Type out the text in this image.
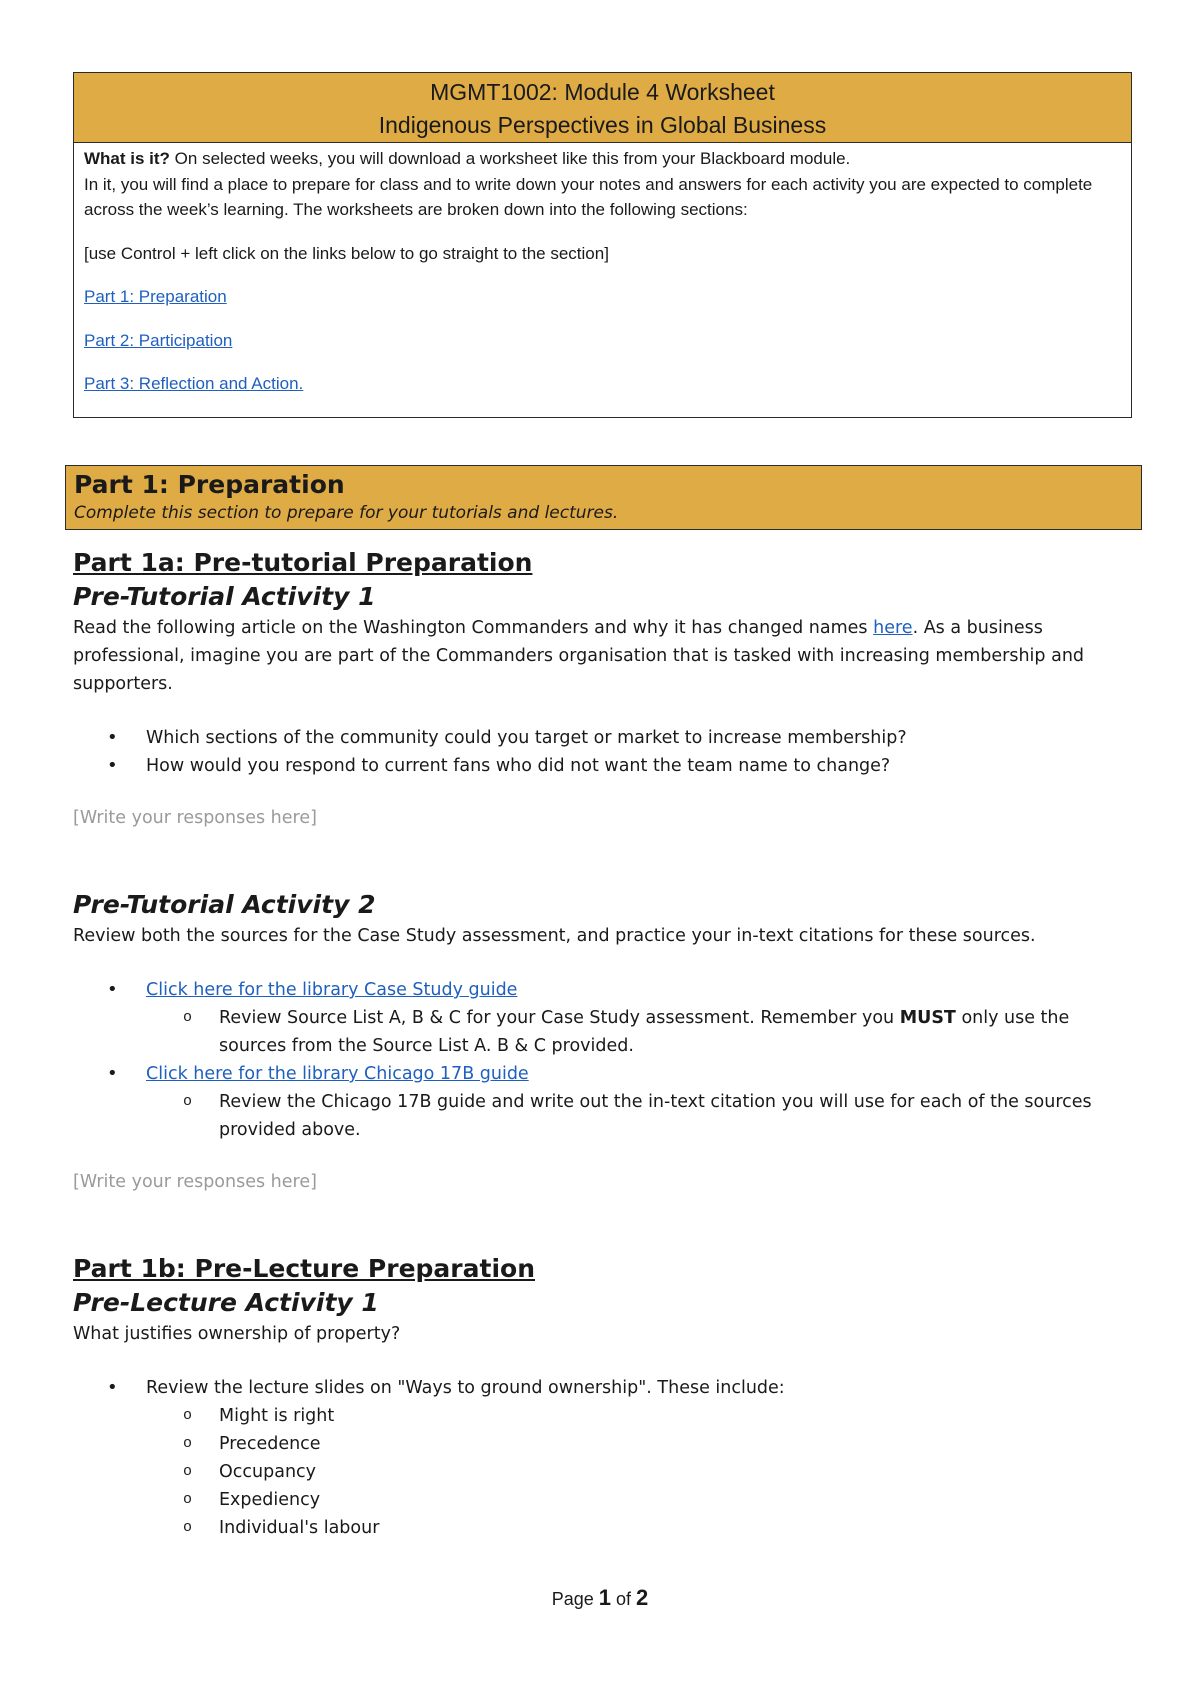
MGMT1002: Module 4 Worksheet
Indigenous Perspectives in Global Business

What is it? On selected weeks, you will download a worksheet like this from your Blackboard module.

In it, you will find a place to prepare for class and to write down your notes and answers for each activity you are expected to complete across the week’s learning. The worksheets are broken down into the following sections:

[use Control + left click on the links below to go straight to the section]

Part 1: Preparation

Part 2: Participation

Part 3: Reflection and Action.

Part 1: Preparation
Complete this section to prepare for your tutorials and lectures.
Part 1a: Pre-tutorial Preparation
Pre-Tutorial Activity 1

Read the following article on the Washington Commanders and why it has changed names here. As a business professional, imagine you are part of the Commanders organisation that is tasked with increasing membership and supporters.

• Which sections of the community could you target or market to increase membership?
• How would you respond to current fans who did not want the team name to change?

[Write your responses here]

Pre-Tutorial Activity 2

Review both the sources for the Case Study assessment, and practice your in-text citations for these sources.

• Click here for the library Case Study guide
o Review Source List A, B & C for your Case Study assessment. Remember you MUST only use the sources from the Source List A. B & C provided.
• Click here for the library Chicago 17B guide
o Review the Chicago 17B guide and write out the in-text citation you will use for each of the sources provided above.

[Write your responses here]

Part 1b: Pre-Lecture Preparation
Pre-Lecture Activity 1

What justifies ownership of property?

• Review the lecture slides on "Ways to ground ownership". These include:
o Might is right
o Precedence
o Occupancy
o Expediency
o Individual's labour
Page 1 of 2
